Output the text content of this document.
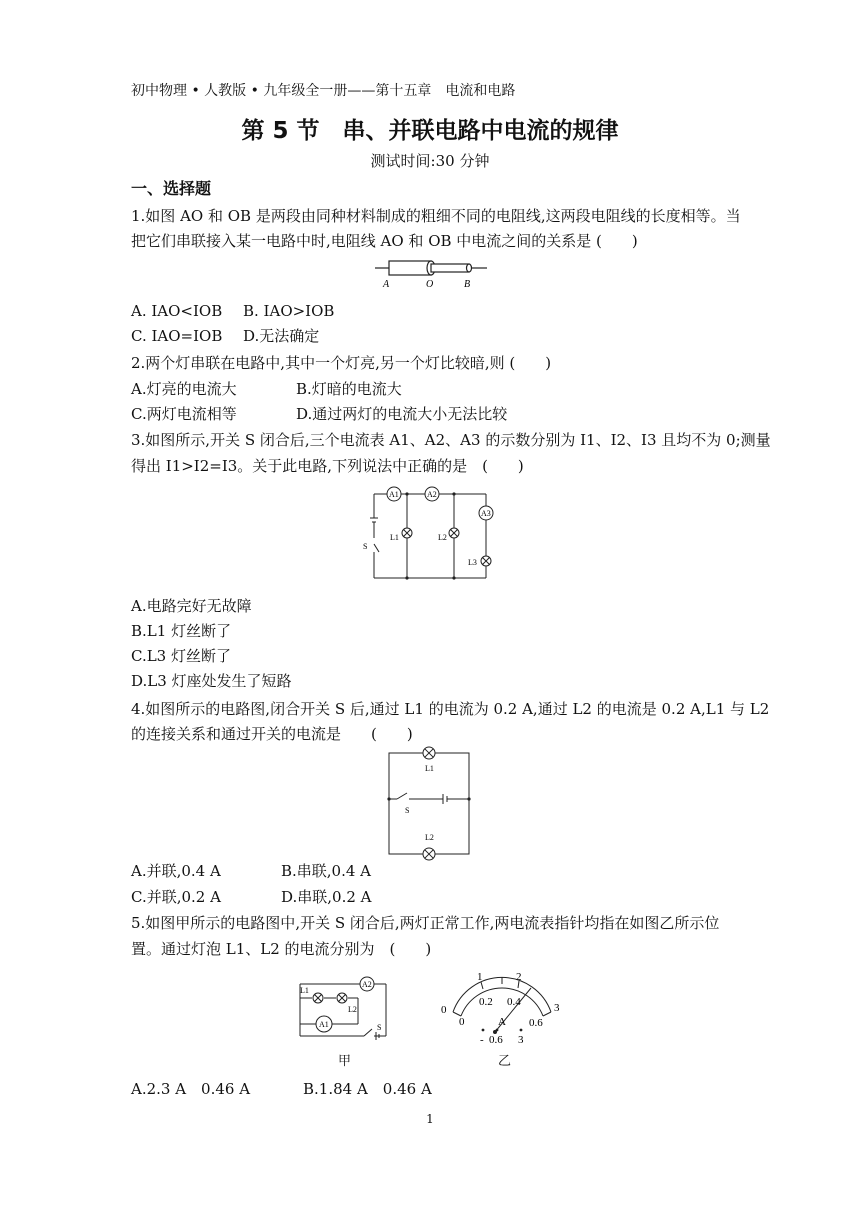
初中物理 • 人教版 • 九年级全一册——第十五章　电流和电路
第 5 节　串、并联电路中电流的规律
测试时间:30 分钟
一、选择题
1.如图 AO 和 OB 是两段由同种材料制成的粗细不同的电阻线,这两段电阻线的长度相等。当
把它们串联接入某一电路中时,电阻线 AO 和 OB 中电流之间的关系是 (　　)
A	O	B
A. IAO<IOB B. IAO>IOB
C. IAO=IOB D.无法确定
2.两个灯串联在电路中,其中一个灯亮,另一个灯比较暗,则 (　　)
A.灯亮的电流大	B.灯暗的电流大
C.两灯电流相等	D.通过两灯的电流大小无法比较
3.如图所示,开关 S 闭合后,三个电流表 A1、A2、A3 的示数分别为 I1、I2、I3 且均不为 0;测量
得出 I1>I2=I3。关于此电路,下列说法中正确的是　(　　)
A1	A2
A3
L1	L2
L3
S
A.电路完好无故障
B.L1 灯丝断了
C.L3 灯丝断了
D.L3 灯座处发生了短路
4.如图所示的电路图,闭合开关 S 后,通过 L1 的电流为 0.2 A,通过 L2 的电流是 0.2 A,L1 与 L2
的连接关系和通过开关的电流是　　(　　)
L1
S
L2
A.并联,0.4 A	B.串联,0.4 A
C.并联,0.2 A	D.串联,0.2 A
5.如图甲所示的电路图中,开关 S 闭合后,两灯正常工作,两电流表指针均指在如图乙所示位
置。通过灯泡 L1、L2 的电流分别为　(　　)
L1
L2
A1
A2
S
甲
0
1	2
3
0
0.2 0.4
0.6
A
- 0.6 3
乙
A.2.3 A　0.46 A	B.1.84 A　0.46 A
1
